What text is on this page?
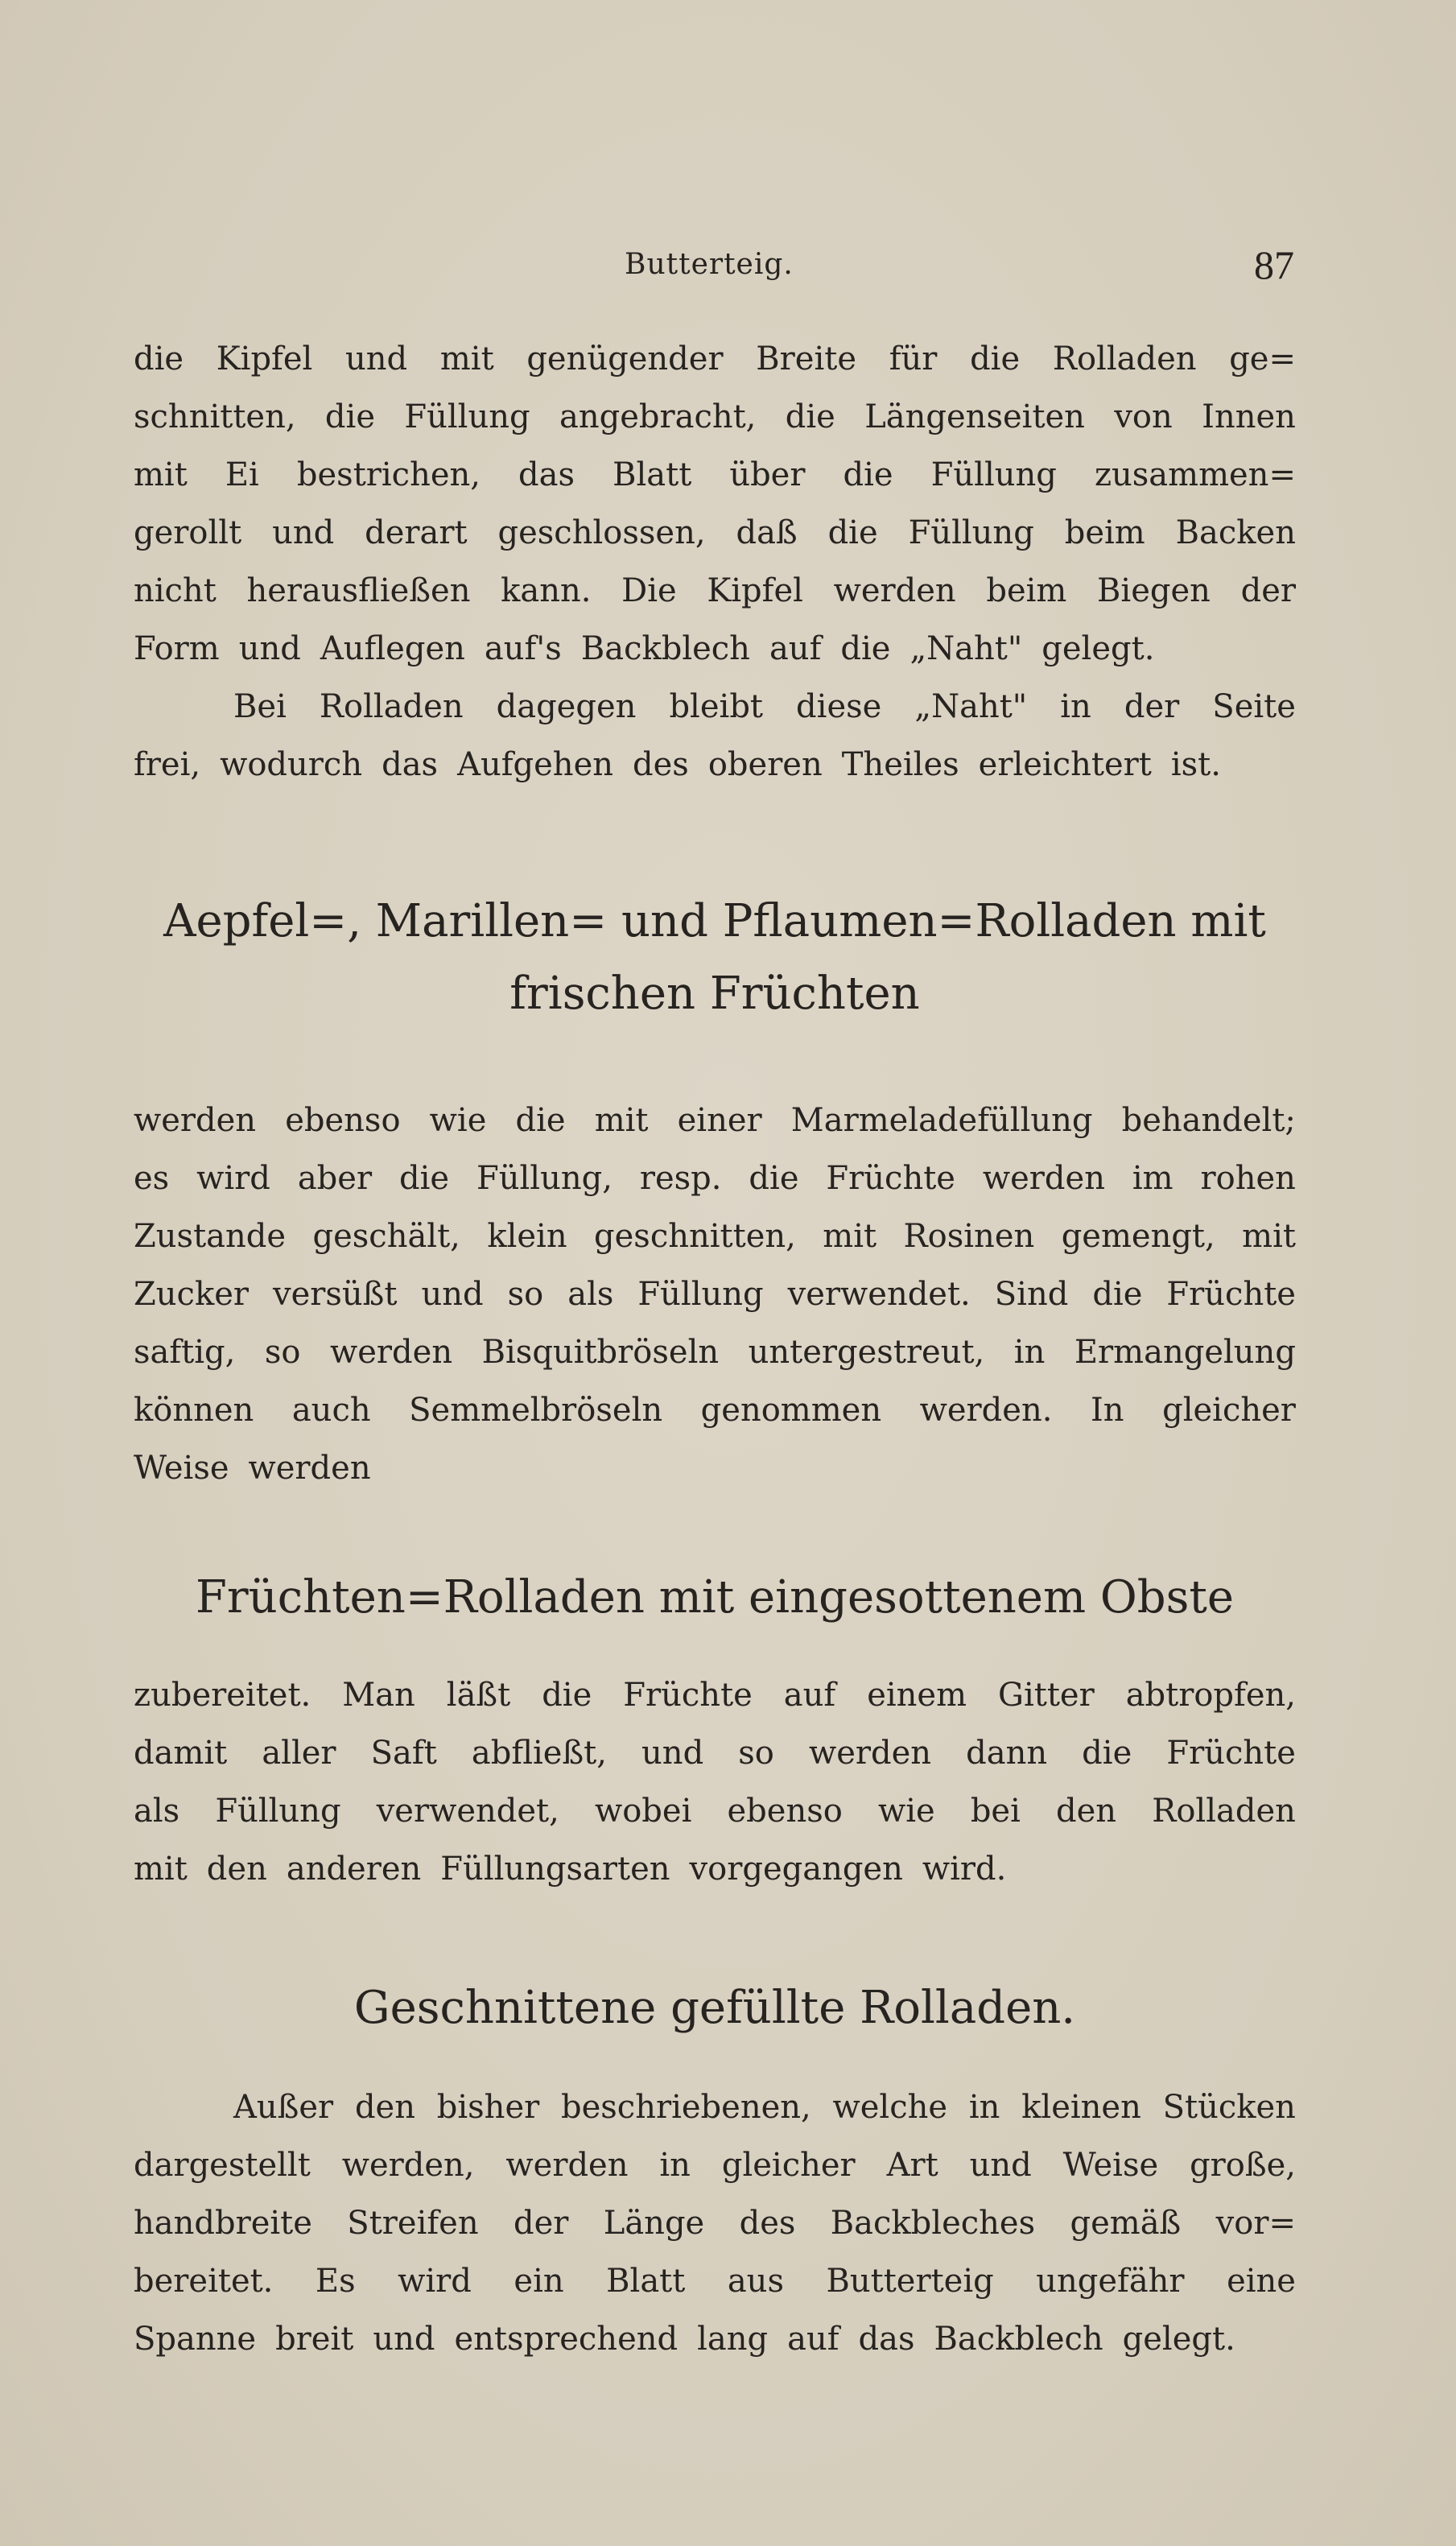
Butterteig.	87
die Kipfel und mit genügender Breite für die Rolladen ge=
schnitten, die Füllung angebracht, die Längenseiten von Innen
mit Ei bestrichen, das Blatt über die Füllung zusammen=
gerollt und derart geschlossen, daß die Füllung beim Backen
nicht herausfließen kann. Die Kipfel werden beim Biegen der
Form und Auflegen auf's Backblech auf die „Naht" gelegt.
Bei Rolladen dagegen bleibt diese „Naht" in der Seite
frei, wodurch das Aufgehen des oberen Theiles erleichtert ist.
Aepfel=, Marillen= und Pflaumen=Rolladen mit
frischen Früchten
werden ebenso wie die mit einer Marmeladefüllung behandelt;
es wird aber die Füllung, resp. die Früchte werden im rohen
Zustande geschält, klein geschnitten, mit Rosinen gemengt, mit
Zucker versüßt und so als Füllung verwendet. Sind die Früchte
saftig, so werden Bisquitbröseln untergestreut, in Ermangelung
können auch Semmelbröseln genommen werden. In gleicher
Weise werden
Früchten=Rolladen mit eingesottenem Obste
zubereitet. Man läßt die Früchte auf einem Gitter abtropfen,
damit aller Saft abfließt, und so werden dann die Früchte
als Füllung verwendet, wobei ebenso wie bei den Rolladen
mit den anderen Füllungsarten vorgegangen wird.
Geschnittene gefüllte Rolladen.
Außer den bisher beschriebenen, welche in kleinen Stücken
dargestellt werden, werden in gleicher Art und Weise große,
handbreite Streifen der Länge des Backbleches gemäß vor=
bereitet. Es wird ein Blatt aus Butterteig ungefähr eine
Spanne breit und entsprechend lang auf das Backblech gelegt.
